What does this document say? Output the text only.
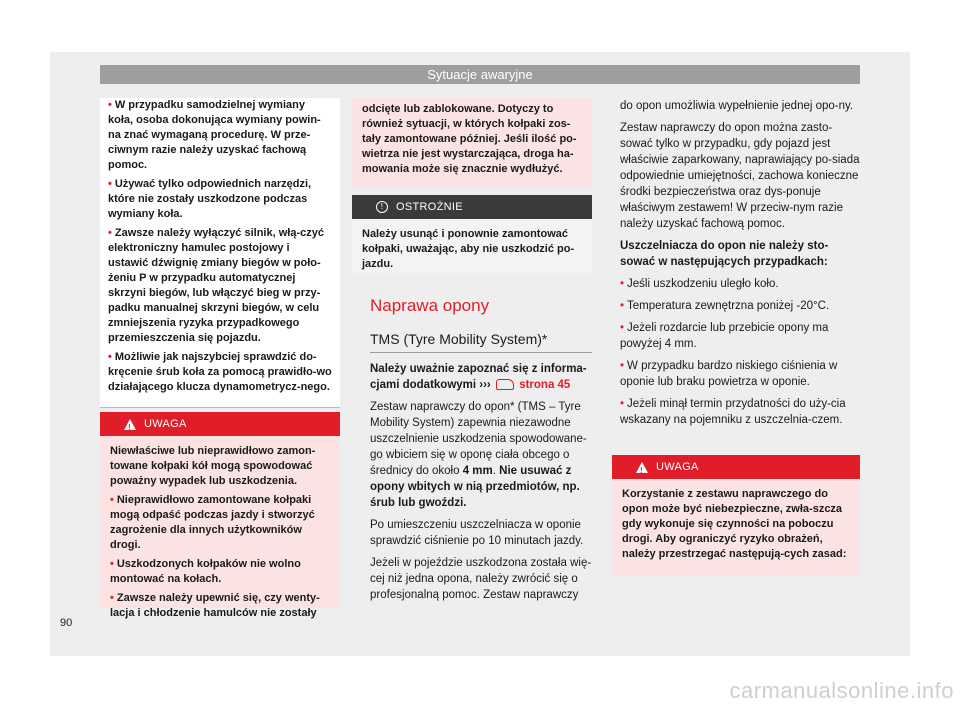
Sytuacje awaryjne

• W przypadku samodzielnej wymiany koła, osoba dokonująca wymiany powin-na znać wymaganą procedurę. W prze-ciwnym razie należy uzyskać fachową pomoc.

• Używać tylko odpowiednich narzędzi, które nie zostały uszkodzone podczas wymiany koła.

• Zawsze należy wyłączyć silnik, włą-czyć elektroniczny hamulec postojowy i ustawić dźwignię zmiany biegów w poło-żeniu P w przypadku automatycznej skrzyni biegów, lub włączyć bieg w przy-padku manualnej skrzyni biegów, w celu zmniejszenia ryzyka przypadkowego przemieszczenia się pojazdu.

• Możliwie jak najszybciej sprawdzić do-kręcenie śrub koła za pomocą prawidło-wo działającego klucza dynamometrycz-nego.

!
UWAGA

Niewłaściwe lub nieprawidłowo zamon-towane kołpaki kół mogą spowodować poważny wypadek lub uszkodzenia.

• Nieprawidłowo zamontowane kołpaki mogą odpaść podczas jazdy i stworzyć zagrożenie dla innych użytkowników drogi.

• Uszkodzonych kołpaków nie wolno montować na kołach.

• Zawsze należy upewnić się, czy wenty-lacja i chłodzenie hamulców nie zostały

odcięte lub zablokowane. Dotyczy to również sytuacji, w których kołpaki zos-tały zamontowane później. Jeśli ilość po-wietrza nie jest wystarczająca, droga ha-mowania może się znacznie wydłużyć.

!	OSTROŻNIE

Należy usunąć i ponownie zamontować kołpaki, uważając, aby nie uszkodzić po-jazdu.

Naprawa opony
TMS (Tyre Mobility System)*

Należy uważnie zapoznać się z informa-cjami dodatkowymi ››› strona 45

Zestaw naprawczy do opon* (TMS – Tyre Mobility System) zapewnia niezawodne uszczelnienie uszkodzenia spowodowane-go wbiciem się w oponę ciała obcego o średnicy do około 4 mm. Nie usuwać z opony wbitych w nią przedmiotów, np. śrub lub gwoździ.

Po umieszczeniu uszczelniacza w oponie sprawdzić ciśnienie po 10 minutach jazdy.

Jeżeli w pojeździe uszkodzona została wię-cej niż jedna opona, należy zwrócić się o profesjonalną pomoc. Zestaw naprawczy

do opon umożliwia wypełnienie jednej opo-ny.

Zestaw naprawczy do opon można zasto-sować tylko w przypadku, gdy pojazd jest właściwie zaparkowany, naprawiający po-siada odpowiednie umiejętności, zachowa konieczne środki bezpieczeństwa oraz dys-ponuje właściwym zestawem! W przeciw-nym razie należy uzyskać fachową pomoc.

Uszczelniacza do opon nie należy sto-sować w następujących przypadkach:

• Jeśli uszkodzeniu uległo koło.

• Temperatura zewnętrzna poniżej -20°C.

• Jeżeli rozdarcie lub przebicie opony ma powyżej 4 mm.

• W przypadku bardzo niskiego ciśnienia w oponie lub braku powietrza w oponie.

• Jeżeli minął termin przydatności do uży-cia wskazany na pojemniku z uszczelnia-czem.

!
UWAGA

Korzystanie z zestawu naprawczego do opon może być niebezpieczne, zwła-szcza gdy wykonuje się czynności na poboczu drogi. Aby ograniczyć ryzyko obrażeń, należy przestrzegać następują-cych zasad:

90
carmanualsonline.info
